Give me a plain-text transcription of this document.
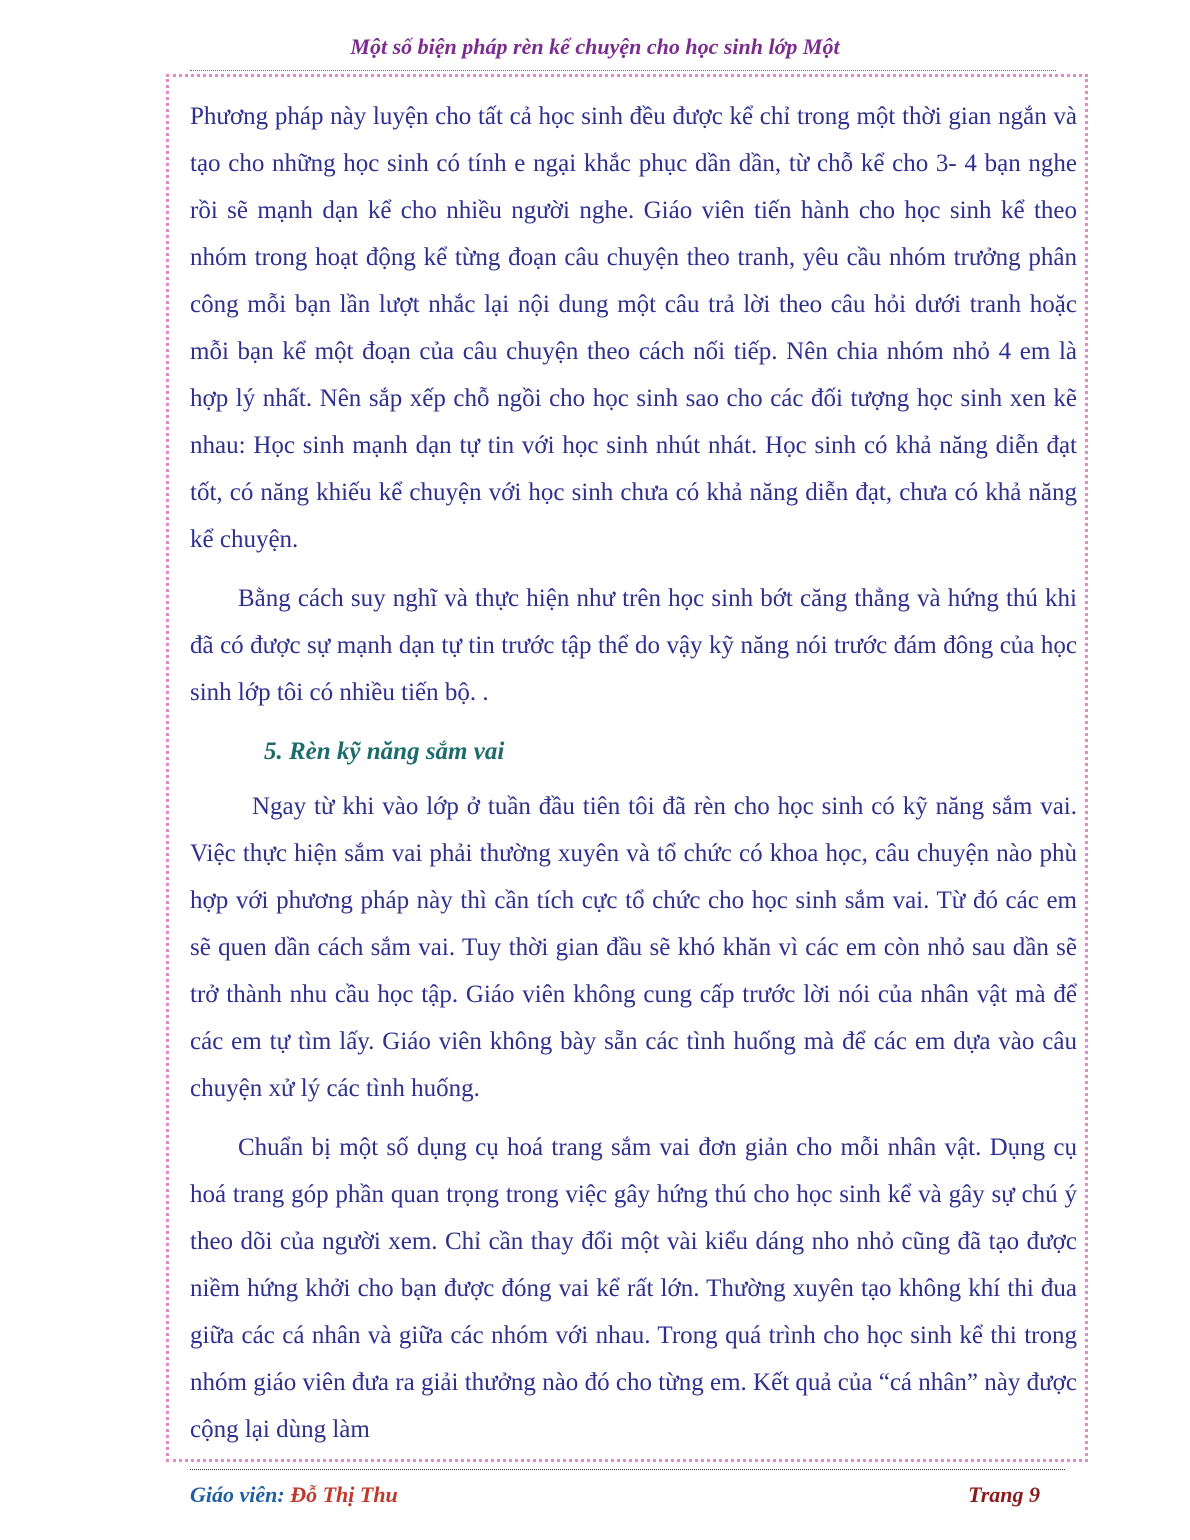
Một số biện pháp rèn kể chuyện cho học sinh lớp Một

Phương pháp này luyện cho tất cả học sinh đều được kể chỉ trong một thời gian ngắn và tạo cho những học sinh có tính e ngại khắc phục dần dần, từ chỗ kể cho 3- 4 bạn nghe rồi sẽ mạnh dạn kể cho nhiều người nghe. Giáo viên tiến hành cho học sinh kể theo nhóm trong hoạt động kể từng đoạn câu chuyện theo tranh, yêu cầu nhóm trưởng phân công mỗi bạn lần lượt nhắc lại nội dung một câu trả lời theo câu hỏi dưới tranh hoặc mỗi bạn kể một đoạn của câu chuyện theo cách nối tiếp. Nên chia nhóm nhỏ 4 em là hợp lý nhất. Nên sắp xếp chỗ ngồi cho học sinh sao cho các đối tượng học sinh xen kẽ nhau: Học sinh mạnh dạn tự tin với học sinh nhút nhát. Học sinh có khả năng diễn đạt tốt, có năng khiếu kể chuyện với học sinh chưa có khả năng diễn đạt, chưa có khả năng kể chuyện.

Bằng cách suy nghĩ và thực hiện như trên học sinh bớt căng thẳng và hứng thú khi đã có được sự mạnh dạn tự tin trước tập thể do vậy kỹ năng nói trước đám đông của học sinh lớp tôi có nhiều tiến bộ. .

5. Rèn kỹ năng sắm vai

Ngay từ khi vào lớp ở tuần đầu tiên tôi đã rèn cho học sinh có kỹ năng sắm vai. Việc thực hiện sắm vai phải thường xuyên và tổ chức có khoa học, câu chuyện nào phù hợp với phương pháp này thì cần tích cực tổ chức cho học sinh sắm vai. Từ đó các em sẽ quen dần cách sắm vai. Tuy thời gian đầu sẽ khó khăn vì các em còn nhỏ sau dần sẽ trở thành nhu cầu học tập. Giáo viên không cung cấp trước lời nói của nhân vật mà để các em tự tìm lấy. Giáo viên không bày sẵn các tình huống mà để các em dựa vào câu chuyện xử lý các tình huống.

Chuẩn bị một số dụng cụ hoá trang sắm vai đơn giản cho mỗi nhân vật. Dụng cụ hoá trang góp phần quan trọng trong việc gây hứng thú cho học sinh kể và gây sự chú ý theo dõi của người xem. Chỉ cần thay đổi một vài kiểu dáng nho nhỏ cũng đã tạo được niềm hứng khởi cho bạn được đóng vai kể rất lớn. Thường xuyên tạo không khí thi đua giữa các cá nhân và giữa các nhóm với nhau. Trong quá trình cho học sinh kể thi trong nhóm giáo viên đưa ra giải thưởng nào đó cho từng em. Kết quả của “cá nhân” này được cộng lại dùng làm

Giáo viên: Đỗ Thị Thu	Trang 9
